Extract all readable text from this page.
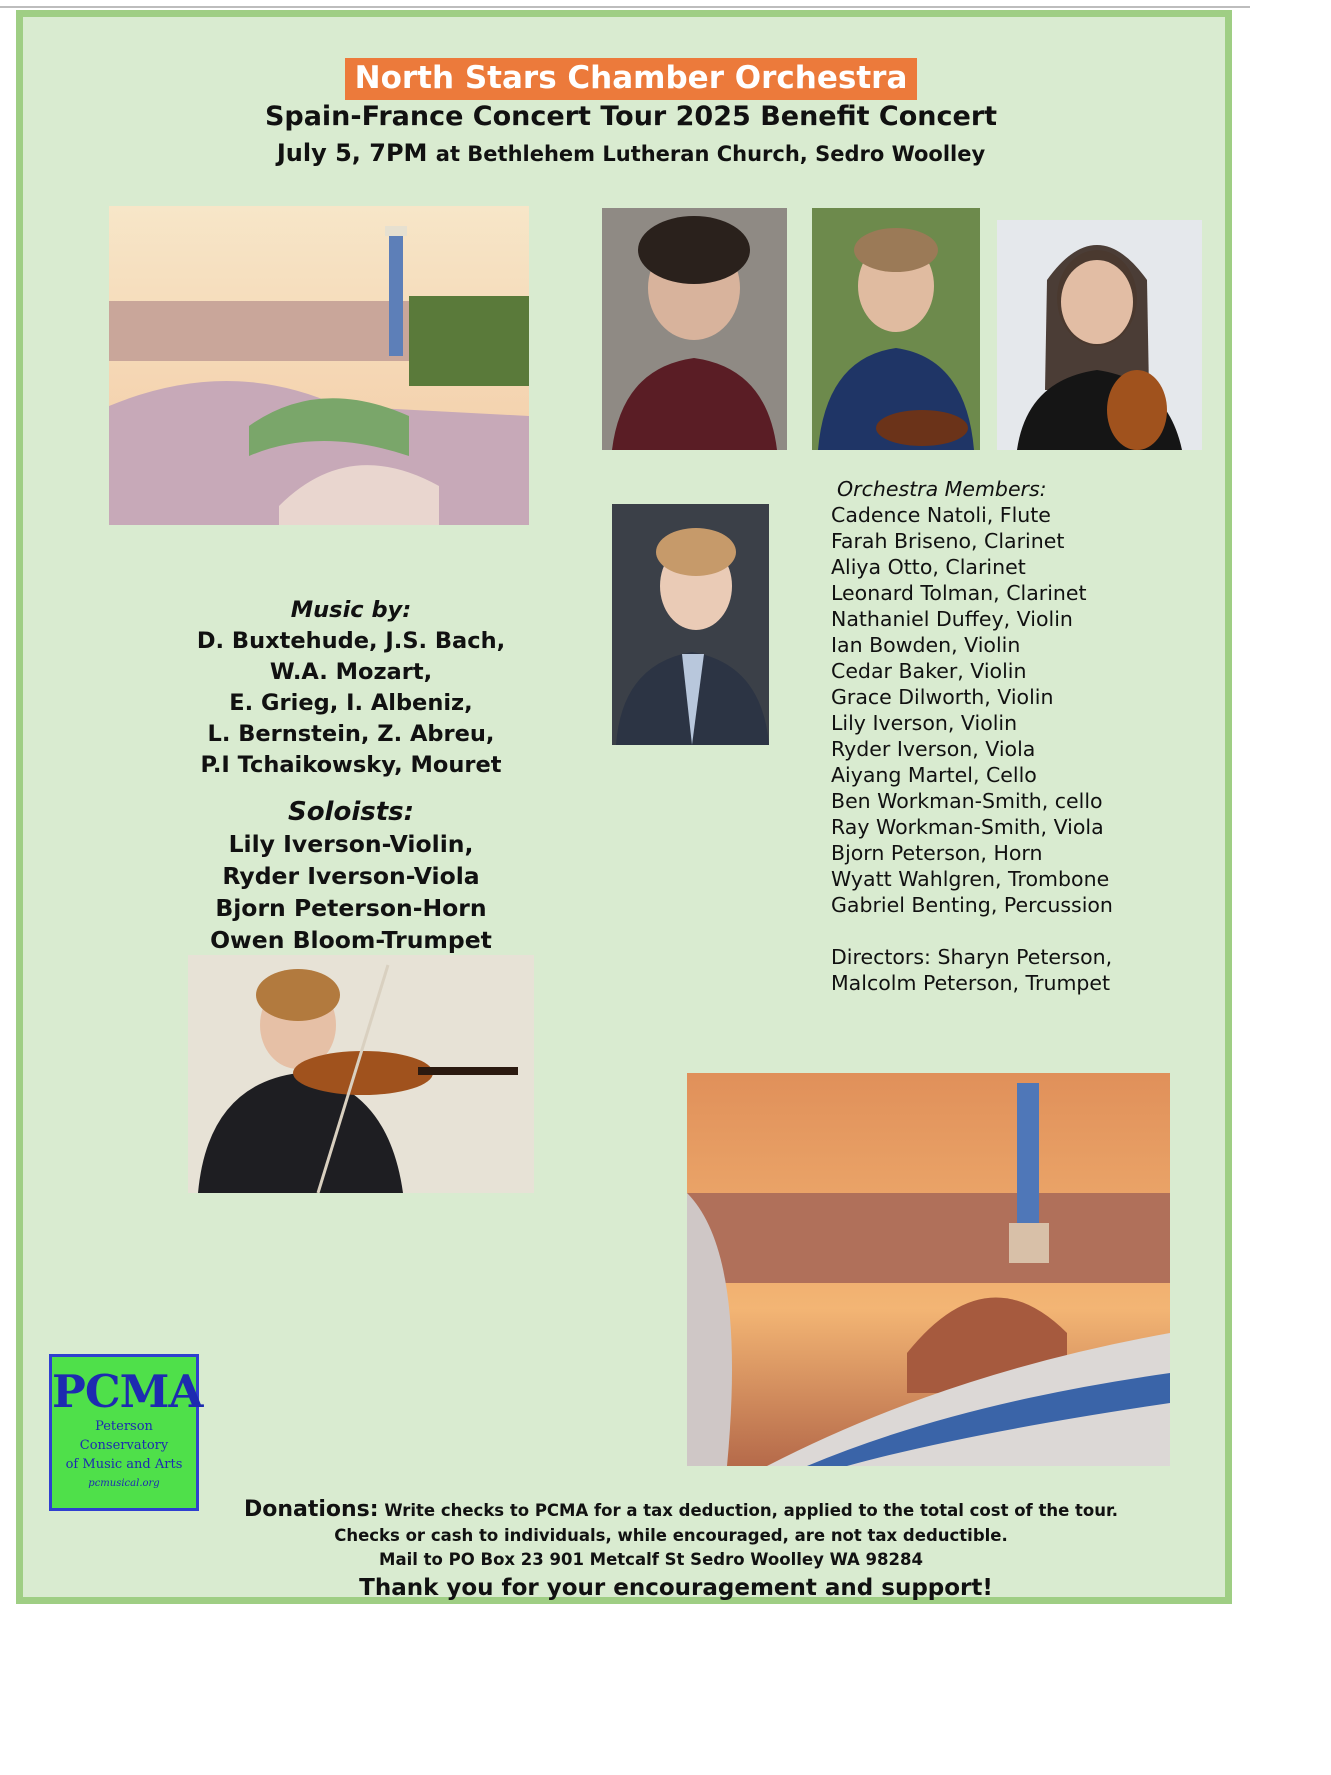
North Stars Chamber Orchestra
Spain-France Concert Tour 2025 Benefit Concert
July 5, 7PM at Bethlehem Lutheran Church, Sedro Woolley
Music by:
D. Buxtehude, J.S. Bach,
W.A. Mozart,
E. Grieg, I. Albeniz,
L. Bernstein, Z. Abreu,
P.I Tchaikowsky, Mouret
Soloists:
Lily Iverson-Violin,
Ryder Iverson-Viola
Bjorn Peterson-Horn
Owen Bloom-Trumpet
Orchestra Members:
Cadence Natoli, Flute
Farah Briseno, Clarinet
Aliya Otto, Clarinet
Leonard Tolman, Clarinet
Nathaniel Duffey, Violin
Ian Bowden, Violin
Cedar Baker, Violin
Grace Dilworth, Violin
Lily Iverson, Violin
Ryder Iverson, Viola
Aiyang Martel, Cello
Ben Workman-Smith, cello
Ray Workman-Smith, Viola
Bjorn Peterson, Horn
Wyatt Wahlgren, Trombone
Gabriel Benting, Percussion
Directors: Sharyn Peterson,
Malcolm Peterson, Trumpet
PCMA
Peterson Conservatory
of Music and Arts
pcmusical.org
Donations: Write checks to PCMA for a tax deduction, applied to the total cost of the tour.
Checks or cash to individuals, while encouraged, are not tax deductible.
Mail to PO Box 23 901 Metcalf St Sedro Woolley WA 98284
Thank you for your encouragement and support!
